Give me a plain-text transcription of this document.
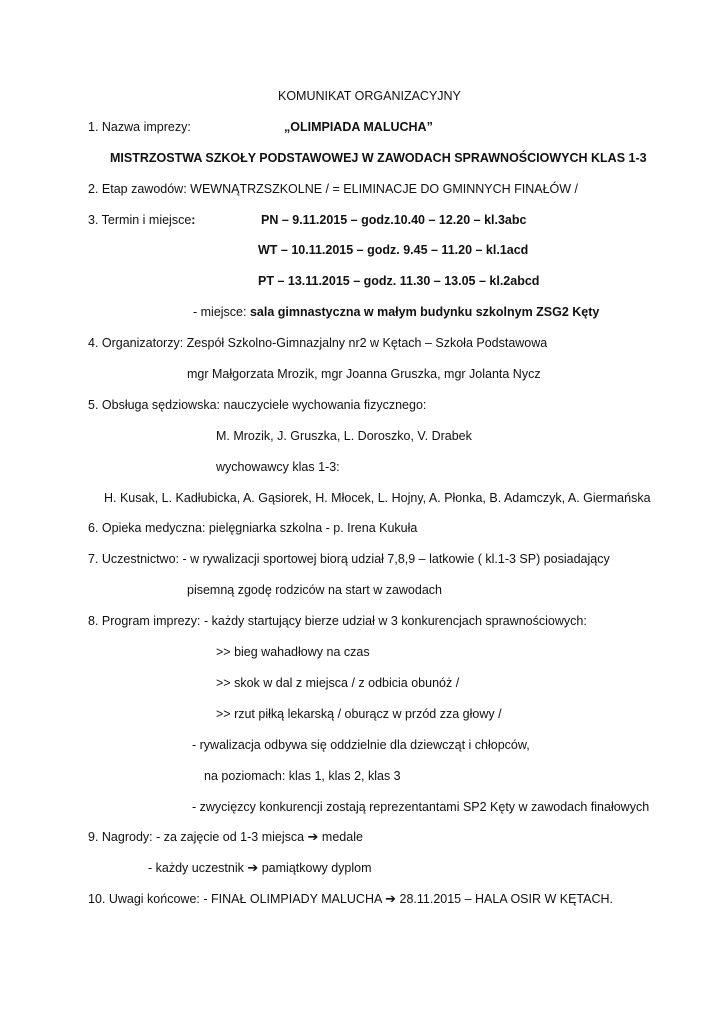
KOMUNIKAT ORGANIZACYJNY
1. Nazwa imprezy:	„OLIMPIADA MALUCHA”
MISTRZOSTWA SZKOŁY PODSTAWOWEJ W ZAWODACH SPRAWNOŚCIOWYCH KLAS 1-3
2. Etap zawodów: WEWNĄTRZSZKOLNE / = ELIMINACJE DO GMINNYCH FINAŁÓW /
3. Termin i miejsce:	PN – 9.11.2015 – godz.10.40 – 12.20 – kl.3abc
WT – 10.11.2015 – godz. 9.45 – 11.20 – kl.1acd
PT – 13.11.2015 – godz. 11.30 – 13.05 – kl.2abcd
- miejsce: sala gimnastyczna w małym budynku szkolnym ZSG2 Kęty
4. Organizatorzy: Zespół Szkolno-Gimnazjalny nr2 w Kętach – Szkoła Podstawowa
mgr Małgorzata Mrozik, mgr Joanna Gruszka, mgr Jolanta Nycz
5. Obsługa sędziowska: nauczyciele wychowania fizycznego:
M. Mrozik, J. Gruszka, L. Doroszko, V. Drabek
wychowawcy klas 1-3:
H. Kusak, L. Kadłubicka, A. Gąsiorek, H. Młocek, L. Hojny, A. Płonka, B. Adamczyk, A. Giermańska
6. Opieka medyczna: pielęgniarka szkolna - p. Irena Kukuła
7. Uczestnictwo: - w rywalizacji sportowej biorą udział 7,8,9 – latkowie ( kl.1-3 SP) posiadający
pisemną zgodę rodziców na start w zawodach
8. Program imprezy: - każdy startujący bierze udział w 3 konkurencjach sprawnościowych:
>> bieg wahadłowy na czas
>> skok w dal z miejsca / z odbicia obunóż /
>> rzut piłką lekarską / oburącz w przód zza głowy /
- rywalizacja odbywa się oddzielnie dla dziewcząt i chłopców,
na poziomach: klas 1, klas 2, klas 3
- zwycięzcy konkurencji zostają reprezentantami SP2 Kęty w zawodach finałowych
9. Nagrody: - za zajęcie od 1-3 miejsca ➔ medale
- każdy uczestnik ➔ pamiątkowy dyplom
10. Uwagi końcowe: - FINAŁ OLIMPIADY MALUCHA ➔ 28.11.2015 – HALA OSIR W KĘTACH.
